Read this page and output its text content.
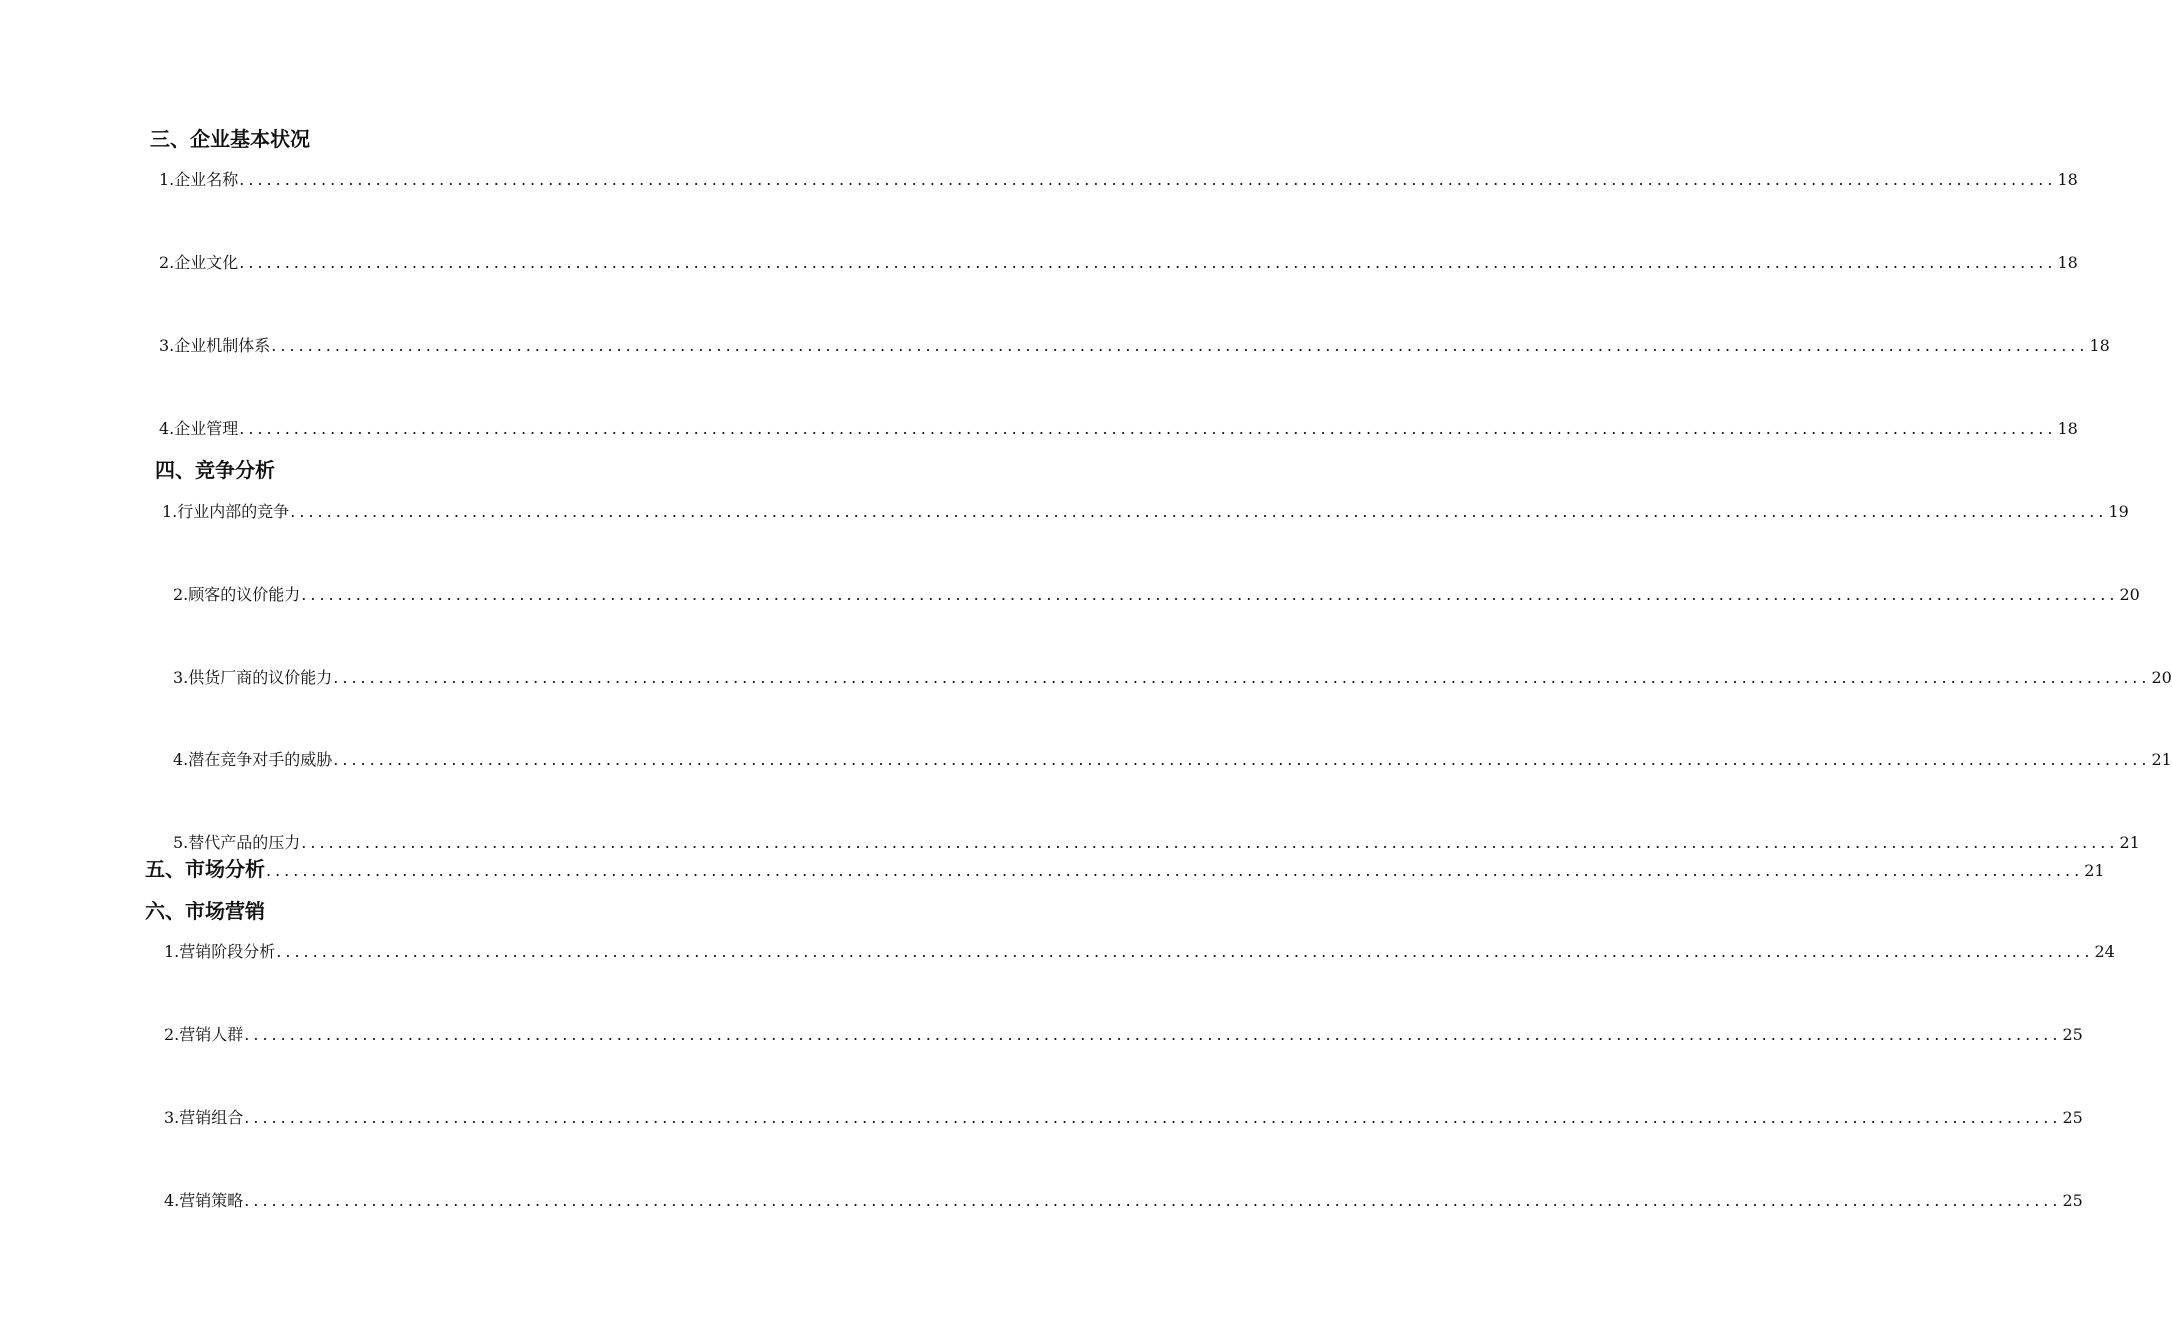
三、企业基本状况
1.企业名称 ........................................................................................................................................................................................................ 18
2.企业文化 ........................................................................................................................................................................................................ 18
3.企业机制体系 ........................................................................................................................................................................................................ 18
4.企业管理 ........................................................................................................................................................................................................ 18
四、竞争分析
1.行业内部的竞争 ........................................................................................................................................................................................................ 19
2.顾客的议价能力 ........................................................................................................................................................................................................ 20
3.供货厂商的议价能力 ........................................................................................................................................................................................................ 20
4.潜在竞争对手的威胁 ........................................................................................................................................................................................................ 21
5.替代产品的压力 ........................................................................................................................................................................................................ 21
五、市场分析 ........................................................................................................................................................................................................ 21
六、市场营销
1.营销阶段分析 ........................................................................................................................................................................................................ 24
2.营销人群 ........................................................................................................................................................................................................ 25
3.营销组合 ........................................................................................................................................................................................................ 25
4.营销策略 ........................................................................................................................................................................................................ 25
